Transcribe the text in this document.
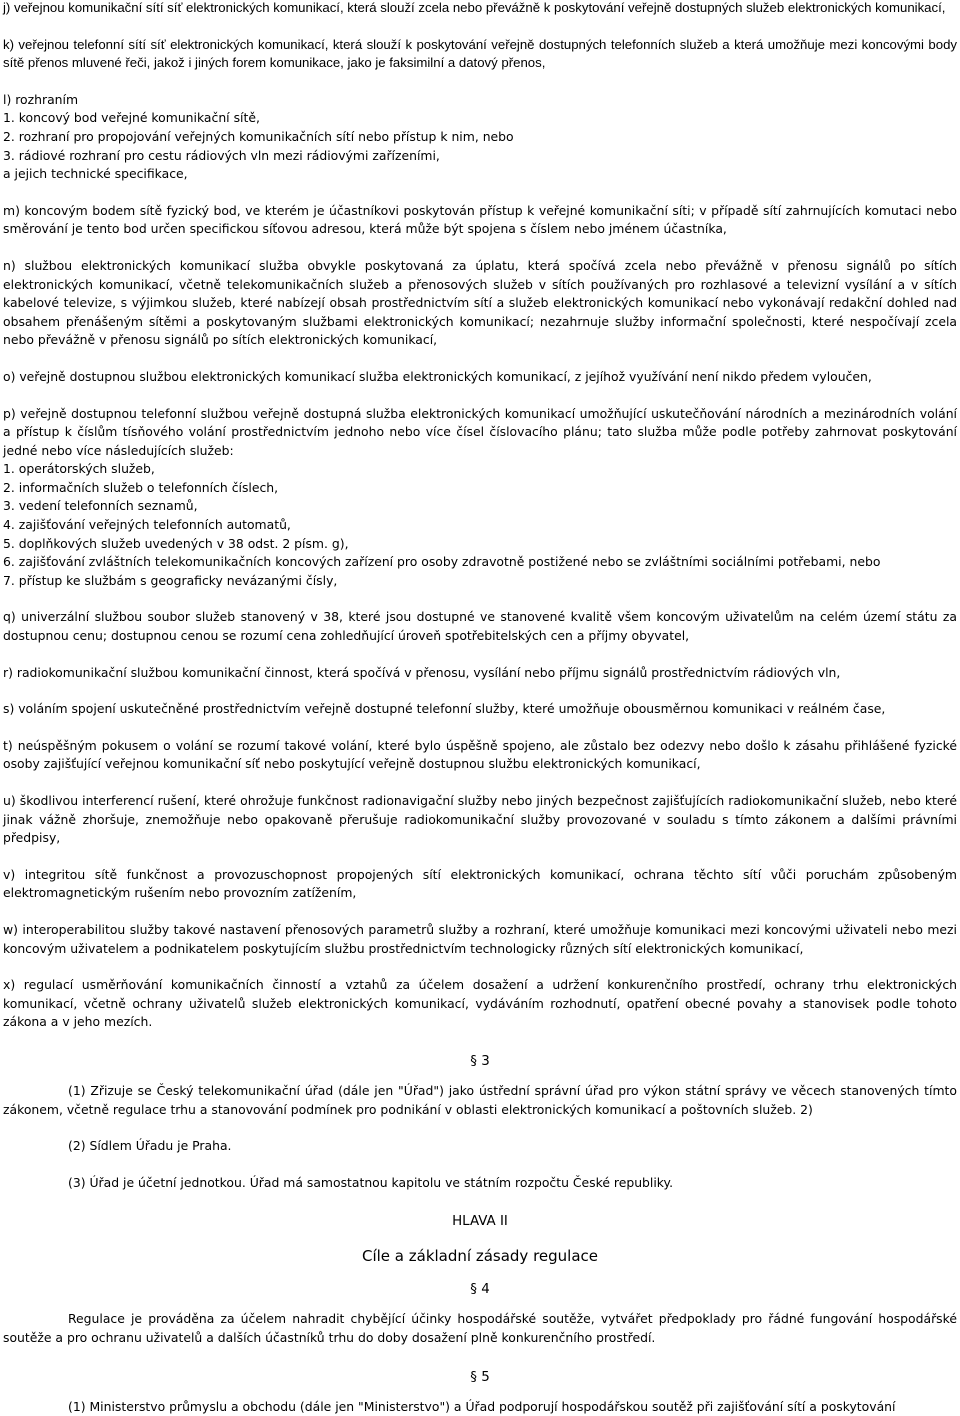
j) veřejnou komunikační sítí síť elektronických komunikací, která slouží zcela nebo převážně k poskytování veřejně dostupných služeb elektronických komunikací,

k) veřejnou telefonní sítí síť elektronických komunikací, která slouží k poskytování veřejně dostupných telefonních služeb a která umožňuje mezi koncovými body sítě přenos mluvené řeči, jakož i jiných forem komunikace, jako je faksimilní a datový přenos,

l) rozhraním
1. koncový bod veřejné komunikační sítě,
2. rozhraní pro propojování veřejných komunikačních sítí nebo přístup k nim, nebo
3. rádiové rozhraní pro cestu rádiových vln mezi rádiovými zařízeními,
a jejich technické specifikace,

m) koncovým bodem sítě fyzický bod, ve kterém je účastníkovi poskytován přístup k veřejné komunikační síti; v případě sítí zahrnujících komutaci nebo směrování je tento bod určen specifickou síťovou adresou, která může být spojena s číslem nebo jménem účastníka,

n) službou elektronických komunikací služba obvykle poskytovaná za úplatu, která spočívá zcela nebo převážně v přenosu signálů po sítích elektronických komunikací, včetně telekomunikačních služeb a přenosových služeb v sítích používaných pro rozhlasové a televizní vysílání a v sítích kabelové televize, s výjimkou služeb, které nabízejí obsah prostřednictvím sítí a služeb elektronických komunikací nebo vykonávají redakční dohled nad obsahem přenášeným sítěmi a poskytovaným službami elektronických komunikací; nezahrnuje služby informační společnosti, které nespočívají zcela nebo převážně v přenosu signálů po sítích elektronických komunikací,

o) veřejně dostupnou službou elektronických komunikací služba elektronických komunikací, z jejíhož využívání není nikdo předem vyloučen,

p) veřejně dostupnou telefonní službou veřejně dostupná služba elektronických komunikací umožňující uskutečňování národních a mezinárodních volání a přístup k číslům tísňového volání prostřednictvím jednoho nebo více čísel číslovacího plánu; tato služba může podle potřeby zahrnovat poskytování jedné nebo více následujících služeb:

1. operátorských služeb,
2. informačních služeb o telefonních číslech,
3. vedení telefonních seznamů,
4. zajišťování veřejných telefonních automatů,
5. doplňkových služeb uvedených v 38 odst. 2 písm. g),
6. zajišťování zvláštních telekomunikačních koncových zařízení pro osoby zdravotně postižené nebo se zvláštními sociálními potřebami, nebo
7. přístup ke službám s geograficky nevázanými čísly,

q) univerzální službou soubor služeb stanovený v 38, které jsou dostupné ve stanovené kvalitě všem koncovým uživatelům na celém území státu za dostupnou cenu; dostupnou cenou se rozumí cena zohledňující úroveň spotřebitelských cen a příjmy obyvatel,

r) radiokomunikační službou komunikační činnost, která spočívá v přenosu, vysílání nebo příjmu signálů prostřednictvím rádiových vln,

s) voláním spojení uskutečněné prostřednictvím veřejně dostupné telefonní služby, které umožňuje obousměrnou komunikaci v reálném čase,

t) neúspěšným pokusem o volání se rozumí takové volání, které bylo úspěšně spojeno, ale zůstalo bez odezvy nebo došlo k zásahu přihlášené fyzické osoby zajišťující veřejnou komunikační síť nebo poskytující veřejně dostupnou službu elektronických komunikací,

u) škodlivou interferencí rušení, které ohrožuje funkčnost radionavigační služby nebo jiných bezpečnost zajišťujících radiokomunikační služeb, nebo které jinak vážně zhoršuje, znemožňuje nebo opakovaně přerušuje radiokomunikační služby provozované v souladu s tímto zákonem a dalšími právními předpisy,

v) integritou sítě funkčnost a provozuschopnost propojených sítí elektronických komunikací, ochrana těchto sítí vůči poruchám způsobeným elektromagnetickým rušením nebo provozním zatížením,

w) interoperabilitou služby takové nastavení přenosových parametrů služby a rozhraní, které umožňuje komunikaci mezi koncovými uživateli nebo mezi koncovým uživatelem a podnikatelem poskytujícím službu prostřednictvím technologicky různých sítí elektronických komunikací,

x) regulací usměrňování komunikačních činností a vztahů za účelem dosažení a udržení konkurenčního prostředí, ochrany trhu elektronických komunikací, včetně ochrany uživatelů služeb elektronických komunikací, vydáváním rozhodnutí, opatření obecné povahy a stanovisek podle tohoto zákona a v jeho mezích.

§ 3

(1) Zřizuje se Český telekomunikační úřad (dále jen "Úřad") jako ústřední správní úřad pro výkon státní správy ve věcech stanovených tímto zákonem, včetně regulace trhu a stanovování podmínek pro podnikání v oblasti elektronických komunikací a poštovních služeb. 2)

(2) Sídlem Úřadu je Praha.

(3) Úřad je účetní jednotkou. Úřad má samostatnou kapitolu ve státním rozpočtu České republiky.

HLAVA II

Cíle a základní zásady regulace

§ 4

Regulace je prováděna za účelem nahradit chybějící účinky hospodářské soutěže, vytvářet předpoklady pro řádné fungování hospodářské soutěže a pro ochranu uživatelů a dalších účastníků trhu do doby dosažení plně konkurenčního prostředí.

§ 5

(1) Ministerstvo průmyslu a obchodu (dále jen "Ministerstvo") a Úřad podporují hospodářskou soutěž při zajišťování sítí a poskytování
